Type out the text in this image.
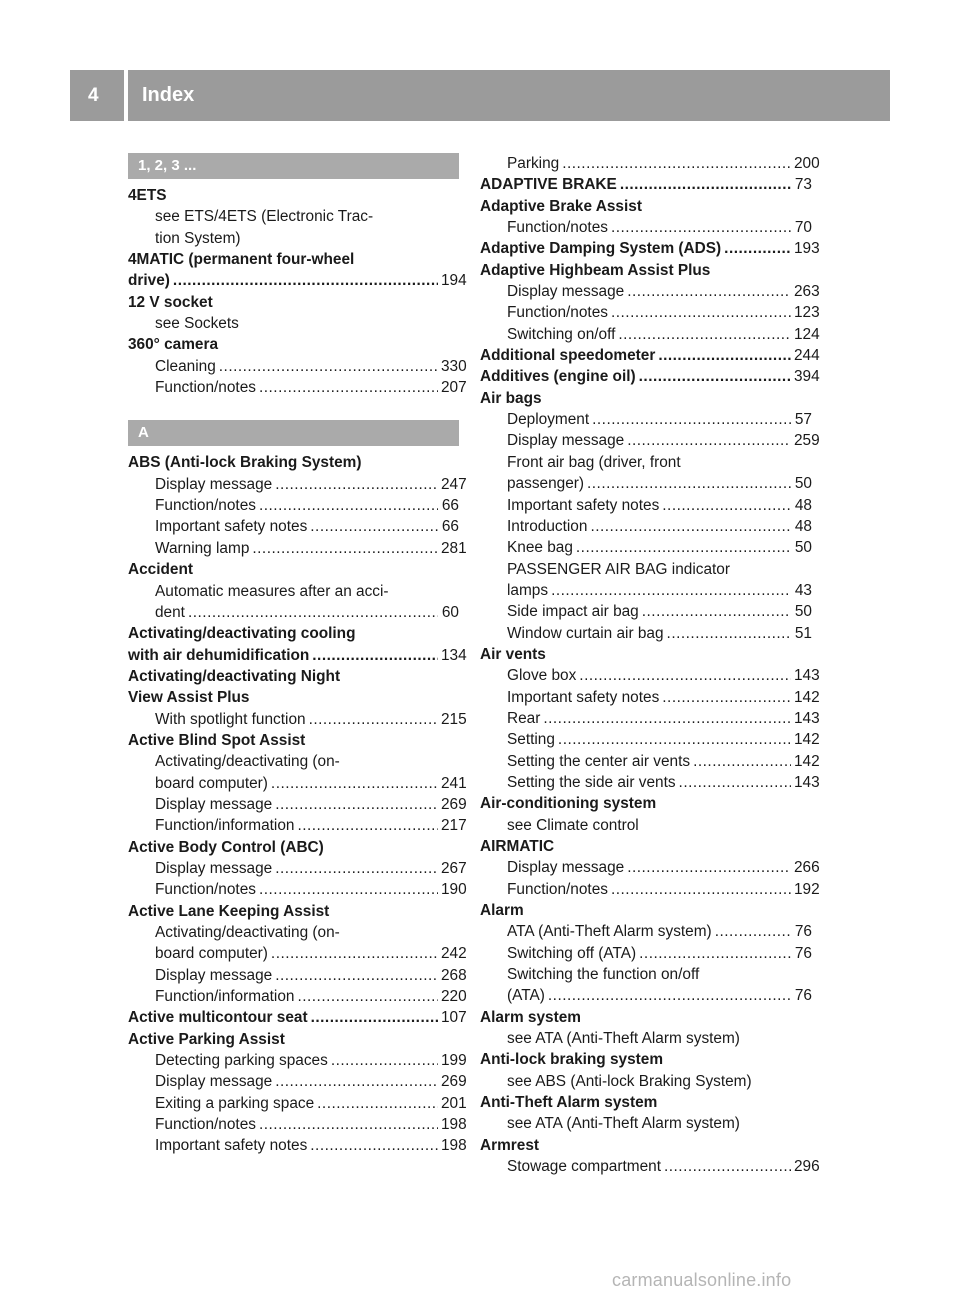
4 Index
1, 2, 3 ...
4ETS
see ETS/4ETS (Electronic Trac-
tion System)
4MATIC (permanent four-wheel
drive) .....	194
12 V socket
see Sockets
360° camera
Cleaning .....	330
Function/notes .....	207
A
ABS (Anti-lock Braking System)
Display message .....	247
Function/notes .....	66
Important safety notes .....	66
Warning lamp .....	281
Accident
Automatic measures after an acci-
dent .....	60
Activating/deactivating cooling
with air dehumidification .....	134
Activating/deactivating Night
View Assist Plus
With spotlight function .....	215
Active Blind Spot Assist
Activating/deactivating (on-
board computer) .....	241
Display message .....	269
Function/information .....	217
Active Body Control (ABC)
Display message .....	267
Function/notes .....	190
Active Lane Keeping Assist
Activating/deactivating (on-
board computer) .....	242
Display message .....	268
Function/information .....	220
Active multicontour seat .....	107
Active Parking Assist
Detecting parking spaces .....	199
Display message .....	269
Exiting a parking space .....	201
Function/notes .....	198
Important safety notes .....	198
Parking .....	200
ADAPTIVE BRAKE .....	73
Adaptive Brake Assist
Function/notes .....	70
Adaptive Damping System (ADS) .....	193
Adaptive Highbeam Assist Plus
Display message .....	263
Function/notes .....	123
Switching on/off .....	124
Additional speedometer .....	244
Additives (engine oil) .....	394
Air bags
Deployment .....	57
Display message .....	259
Front air bag (driver, front
passenger) .....	50
Important safety notes .....	48
Introduction .....	48
Knee bag .....	50
PASSENGER AIR BAG indicator
lamps .....	43
Side impact air bag .....	50
Window curtain air bag .....	51
Air vents
Glove box .....	143
Important safety notes .....	142
Rear .....	143
Setting .....	142
Setting the center air vents .....	142
Setting the side air vents .....	143
Air-conditioning system
see Climate control
AIRMATIC
Display message .....	266
Function/notes .....	192
Alarm
ATA (Anti-Theft Alarm system) .....	76
Switching off (ATA) .....	76
Switching the function on/off
(ATA) .....	76
Alarm system
see ATA (Anti-Theft Alarm system)
Anti-lock braking system
see ABS (Anti-lock Braking System)
Anti-Theft Alarm system
see ATA (Anti-Theft Alarm system)
Armrest
Stowage compartment .....	296
carmanualsonline.info
